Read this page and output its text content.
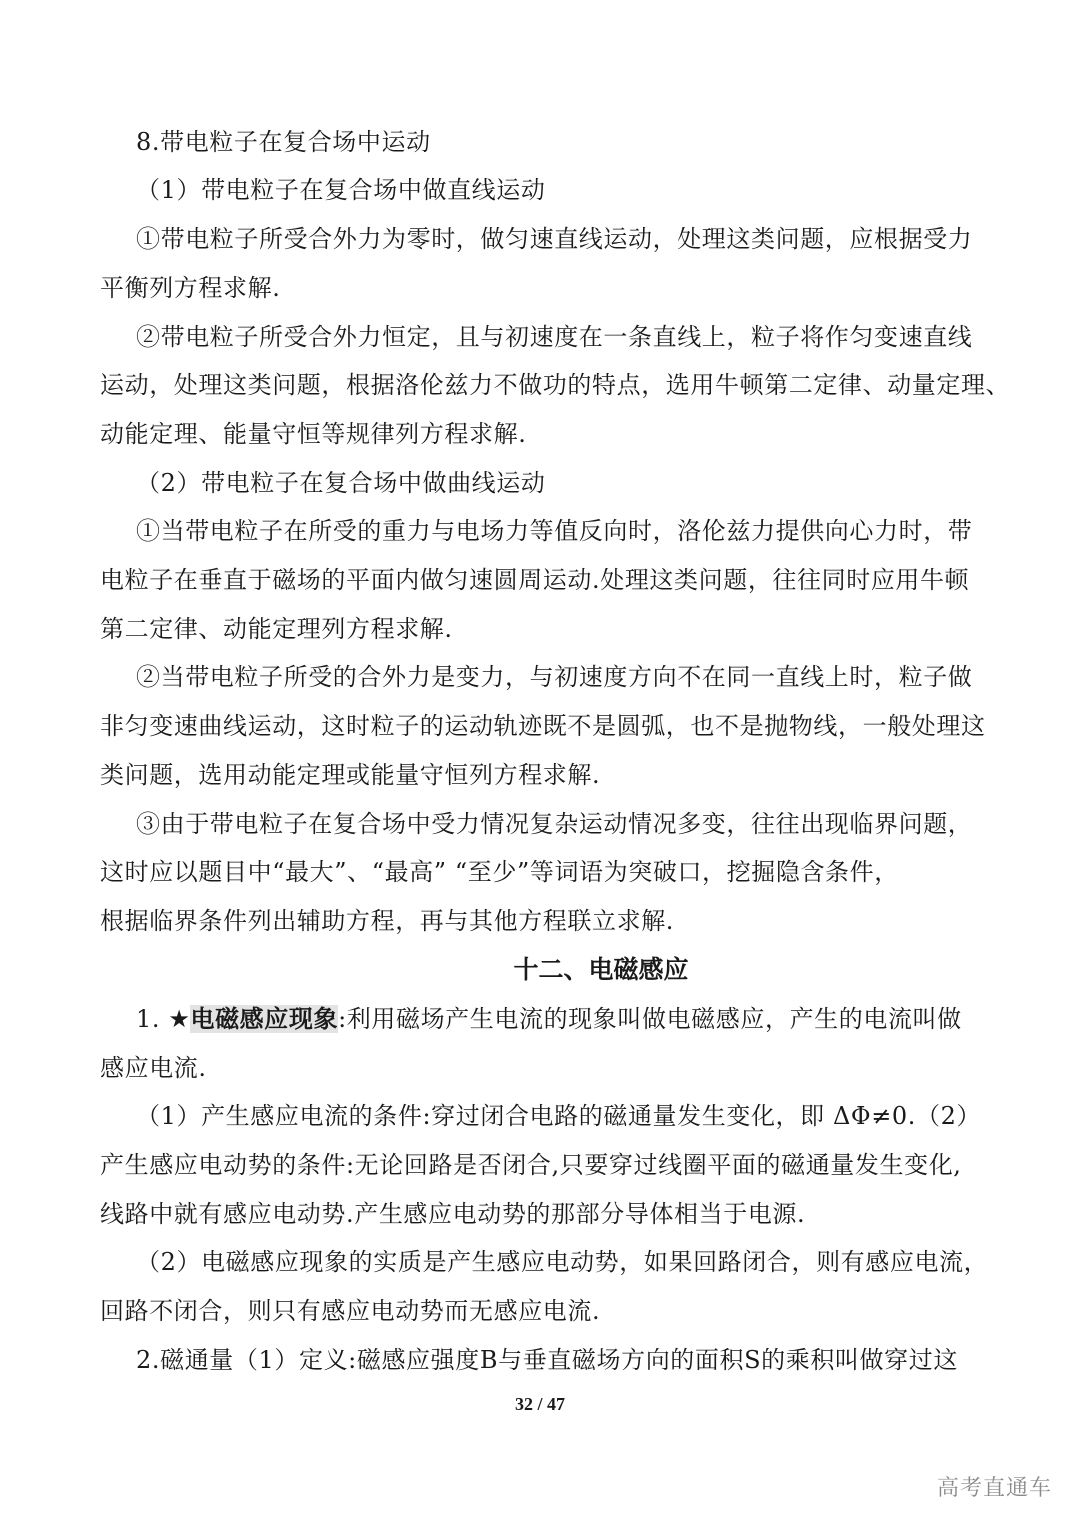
8.带电粒子在复合场中运动
（1）带电粒子在复合场中做直线运动
①带电粒子所受合外力为零时，做匀速直线运动，处理这类问题，应根据受力
平衡列方程求解.
②带电粒子所受合外力恒定，且与初速度在一条直线上，粒子将作匀变速直线
运动，处理这类问题，根据洛伦兹力不做功的特点，选用牛顿第二定律、动量定理、
动能定理、能量守恒等规律列方程求解.
（2）带电粒子在复合场中做曲线运动
①当带电粒子在所受的重力与电场力等值反向时，洛伦兹力提供向心力时，带
电粒子在垂直于磁场的平面内做匀速圆周运动.处理这类问题，往往同时应用牛顿
第二定律、动能定理列方程求解.
②当带电粒子所受的合外力是变力，与初速度方向不在同一直线上时，粒子做
非匀变速曲线运动，这时粒子的运动轨迹既不是圆弧，也不是抛物线，一般处理这
类问题，选用动能定理或能量守恒列方程求解.
③由于带电粒子在复合场中受力情况复杂运动情况多变，往往出现临界问题，
这时应以题目中“最大”、“最高” “至少”等词语为突破口，挖掘隐含条件，
根据临界条件列出辅助方程，再与其他方程联立求解.
十二、电磁感应
1. ★电磁感应现象:利用磁场产生电流的现象叫做电磁感应，产生的电流叫做
感应电流.
（1）产生感应电流的条件:穿过闭合电路的磁通量发生变化，即 ΔΦ≠0.（2）
产生感应电动势的条件:无论回路是否闭合,只要穿过线圈平面的磁通量发生变化,
线路中就有感应电动势.产生感应电动势的那部分导体相当于电源.
（2）电磁感应现象的实质是产生感应电动势，如果回路闭合，则有感应电流，
回路不闭合，则只有感应电动势而无感应电流.
2.磁通量（1）定义:磁感应强度B与垂直磁场方向的面积S的乘积叫做穿过这
32 / 47
高考直通车
